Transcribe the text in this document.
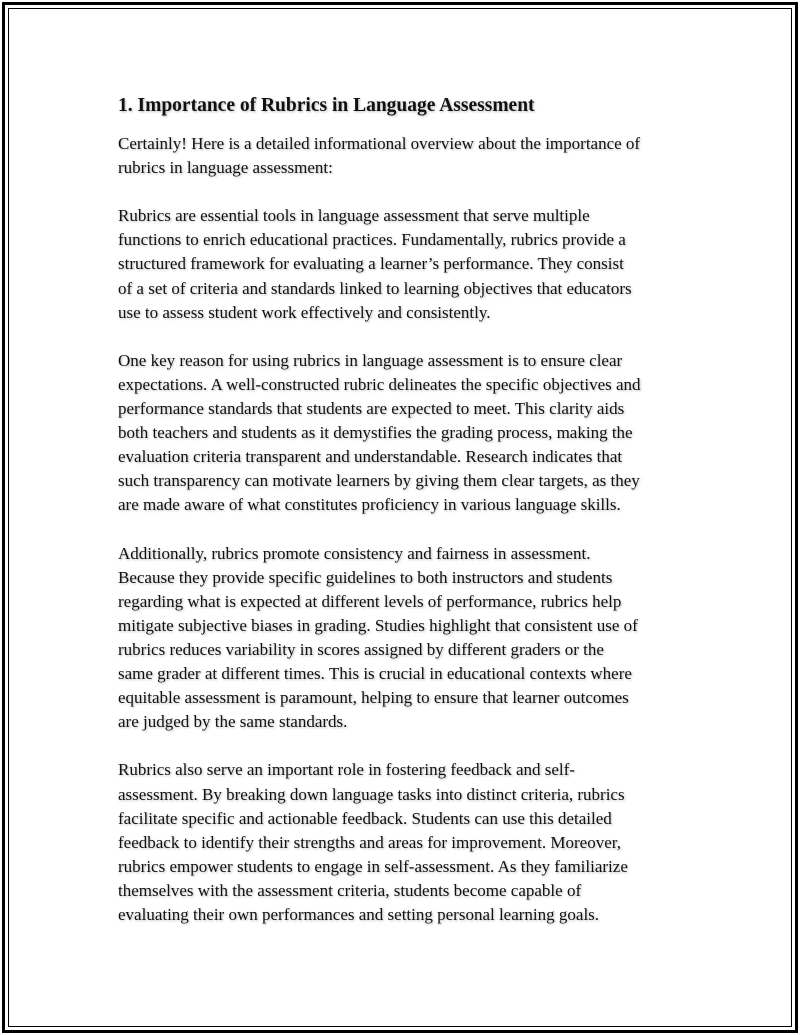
1. Importance of Rubrics in Language Assessment
Certainly! Here is a detailed informational overview about the importance of
rubrics in language assessment:
Rubrics are essential tools in language assessment that serve multiple
functions to enrich educational practices. Fundamentally, rubrics provide a
structured framework for evaluating a learner’s performance. They consist
of a set of criteria and standards linked to learning objectives that educators
use to assess student work effectively and consistently.
One key reason for using rubrics in language assessment is to ensure clear
expectations. A well-constructed rubric delineates the specific objectives and
performance standards that students are expected to meet. This clarity aids
both teachers and students as it demystifies the grading process, making the
evaluation criteria transparent and understandable. Research indicates that
such transparency can motivate learners by giving them clear targets, as they
are made aware of what constitutes proficiency in various language skills.
Additionally, rubrics promote consistency and fairness in assessment.
Because they provide specific guidelines to both instructors and students
regarding what is expected at different levels of performance, rubrics help
mitigate subjective biases in grading. Studies highlight that consistent use of
rubrics reduces variability in scores assigned by different graders or the
same grader at different times. This is crucial in educational contexts where
equitable assessment is paramount, helping to ensure that learner outcomes
are judged by the same standards.
Rubrics also serve an important role in fostering feedback and self-
assessment. By breaking down language tasks into distinct criteria, rubrics
facilitate specific and actionable feedback. Students can use this detailed
feedback to identify their strengths and areas for improvement. Moreover,
rubrics empower students to engage in self-assessment. As they familiarize
themselves with the assessment criteria, students become capable of
evaluating their own performances and setting personal learning goals.
